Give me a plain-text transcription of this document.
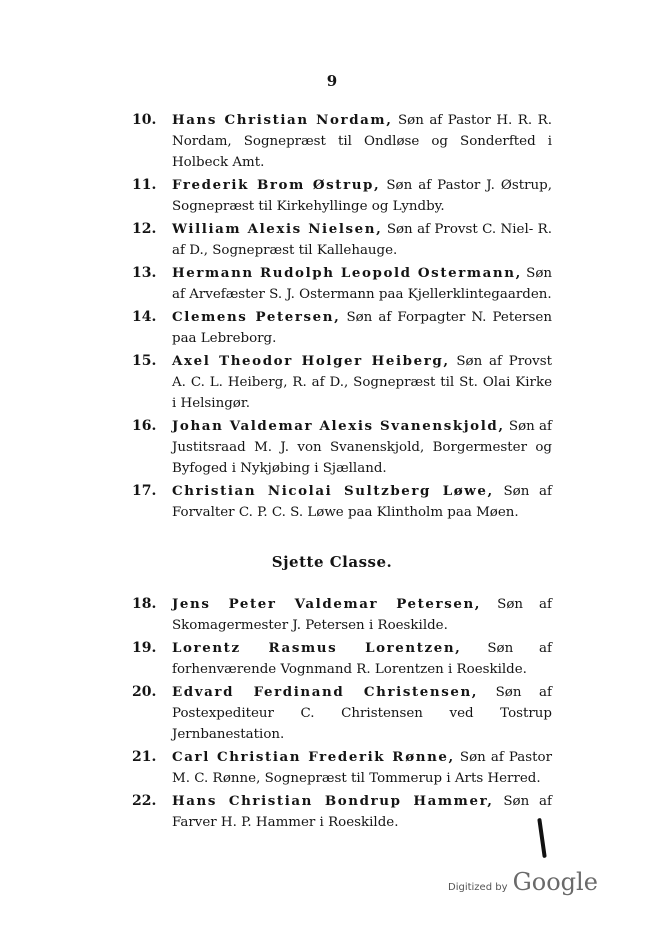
9
10. Hans Christian Nordam, Søn af Pastor H. R. R. Nordam, Sognepræst til Ondløse og Sonderfted i Holbeck Amt.
11. Frederik Brom Østrup, Søn af Pastor J. Østrup, Sognepræst til Kirkehyllinge og Lyndby.
12. William Alexis Nielsen, Søn af Provst C. Niel- R. af D., Sognepræst til Kallehauge.
13. Hermann Rudolph Leopold Ostermann, Søn af Arvefæster S. J. Ostermann paa Kjellerklintegaarden.
14. Clemens Petersen, Søn af Forpagter N. Petersen paa Lebreborg.
15. Axel Theodor Holger Heiberg, Søn af Provst A. C. L. Heiberg, R. af D., Sognepræst til St. Olai Kirke i Helsingør.
16. Johan Valdemar Alexis Svanenskjold, Søn af Justitsraad M. J. von Svanenskjold, Borgermester og Byfoged i Nykjøbing i Sjælland.
17. Christian Nicolai Sultzberg Løwe, Søn af Forvalter C. P. C. S. Løwe paa Klintholm paa Møen.
Sjette Classe.
18. Jens Peter Valdemar Petersen, Søn af Skomagermester J. Petersen i Roeskilde.
19. Lorentz Rasmus Lorentzen, Søn af forhenværende Vognmand R. Lorentzen i Roeskilde.
20. Edvard Ferdinand Christensen, Søn af Postexpediteur C. Christensen ved Tostrup Jernbanestation.
21. Carl Christian Frederik Rønne, Søn af Pastor M. C. Rønne, Sognepræst til Tommerup i Arts Herred.
22. Hans Christian Bondrup Hammer, Søn af Farver H. P. Hammer i Roeskilde.
Digitized by Google
